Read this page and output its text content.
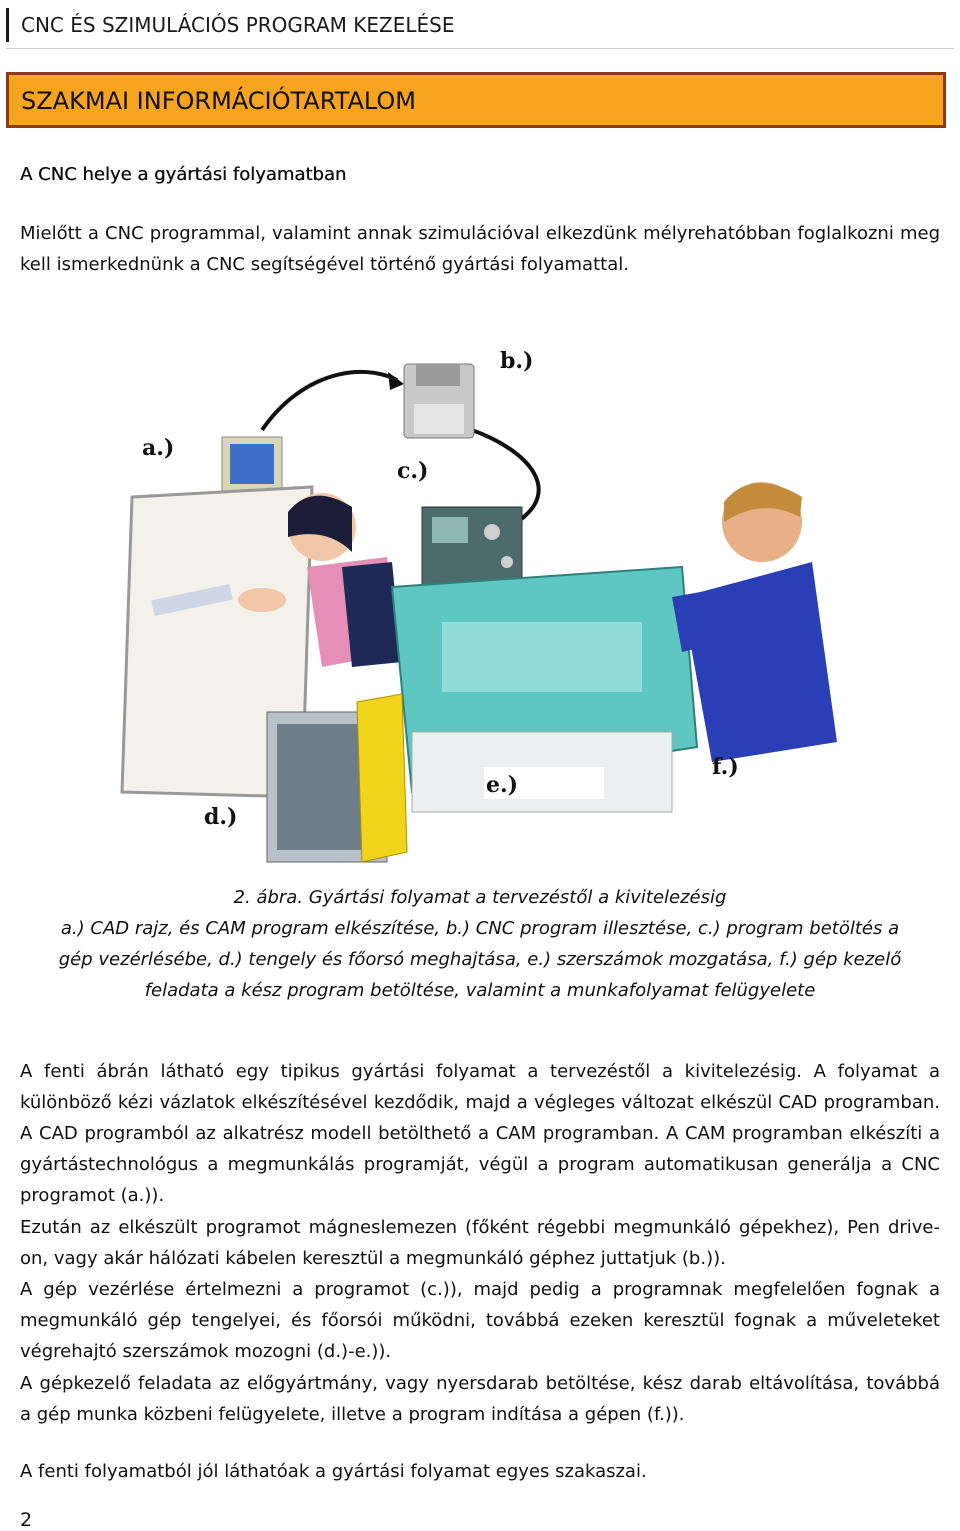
CNC ÉS SZIMULÁCIÓS PROGRAM KEZELÉSE
SZAKMAI INFORMÁCIÓTARTALOM
A CNC helye a gyártási folyamatban

Mielőtt a CNC programmal, valamint annak szimulációval elkezdünk mélyrehatóbban foglalkozni meg kell ismerkednünk a CNC segítségével történő gyártási folyamattal.

a.)
b.)
c.)
d.)
e.)
f.)
2. ábra. Gyártási folyamat a tervezéstől a kivitelezésig
a.) CAD rajz, és CAM program elkészítése, b.) CNC program illesztése, c.) program betöltés a
gép vezérlésébe, d.) tengely és főorsó meghajtása, e.) szerszámok mozgatása, f.) gép kezelő
feladata a kész program betöltése, valamint a munkafolyamat felügyelete

A fenti ábrán látható egy tipikus gyártási folyamat a tervezéstől a kivitelezésig. A folyamat a különböző kézi vázlatok elkészítésével kezdődik, majd a végleges változat elkészül CAD programban. A CAD programból az alkatrész modell betölthető a CAM programban. A CAM programban elkészíti a gyártástechnológus a megmunkálás programját, végül a program automatikusan generálja a CNC programot (a.)).

Ezután az elkészült programot mágneslemezen (főként régebbi megmunkáló gépekhez), Pen drive-on, vagy akár hálózati kábelen keresztül a megmunkáló géphez juttatjuk (b.)).

A gép vezérlése értelmezni a programot (c.)), majd pedig a programnak megfelelően fognak a megmunkáló gép tengelyei, és főorsói működni, továbbá ezeken keresztül fognak a műveleteket végrehajtó szerszámok mozogni (d.)-e.)).

A gépkezelő feladata az előgyártmány, vagy nyersdarab betöltése, kész darab eltávolítása, továbbá a gép munka közbeni felügyelete, illetve a program indítása a gépen (f.)).

A fenti folyamatból jól láthatóak a gyártási folyamat egyes szakaszai.

2
